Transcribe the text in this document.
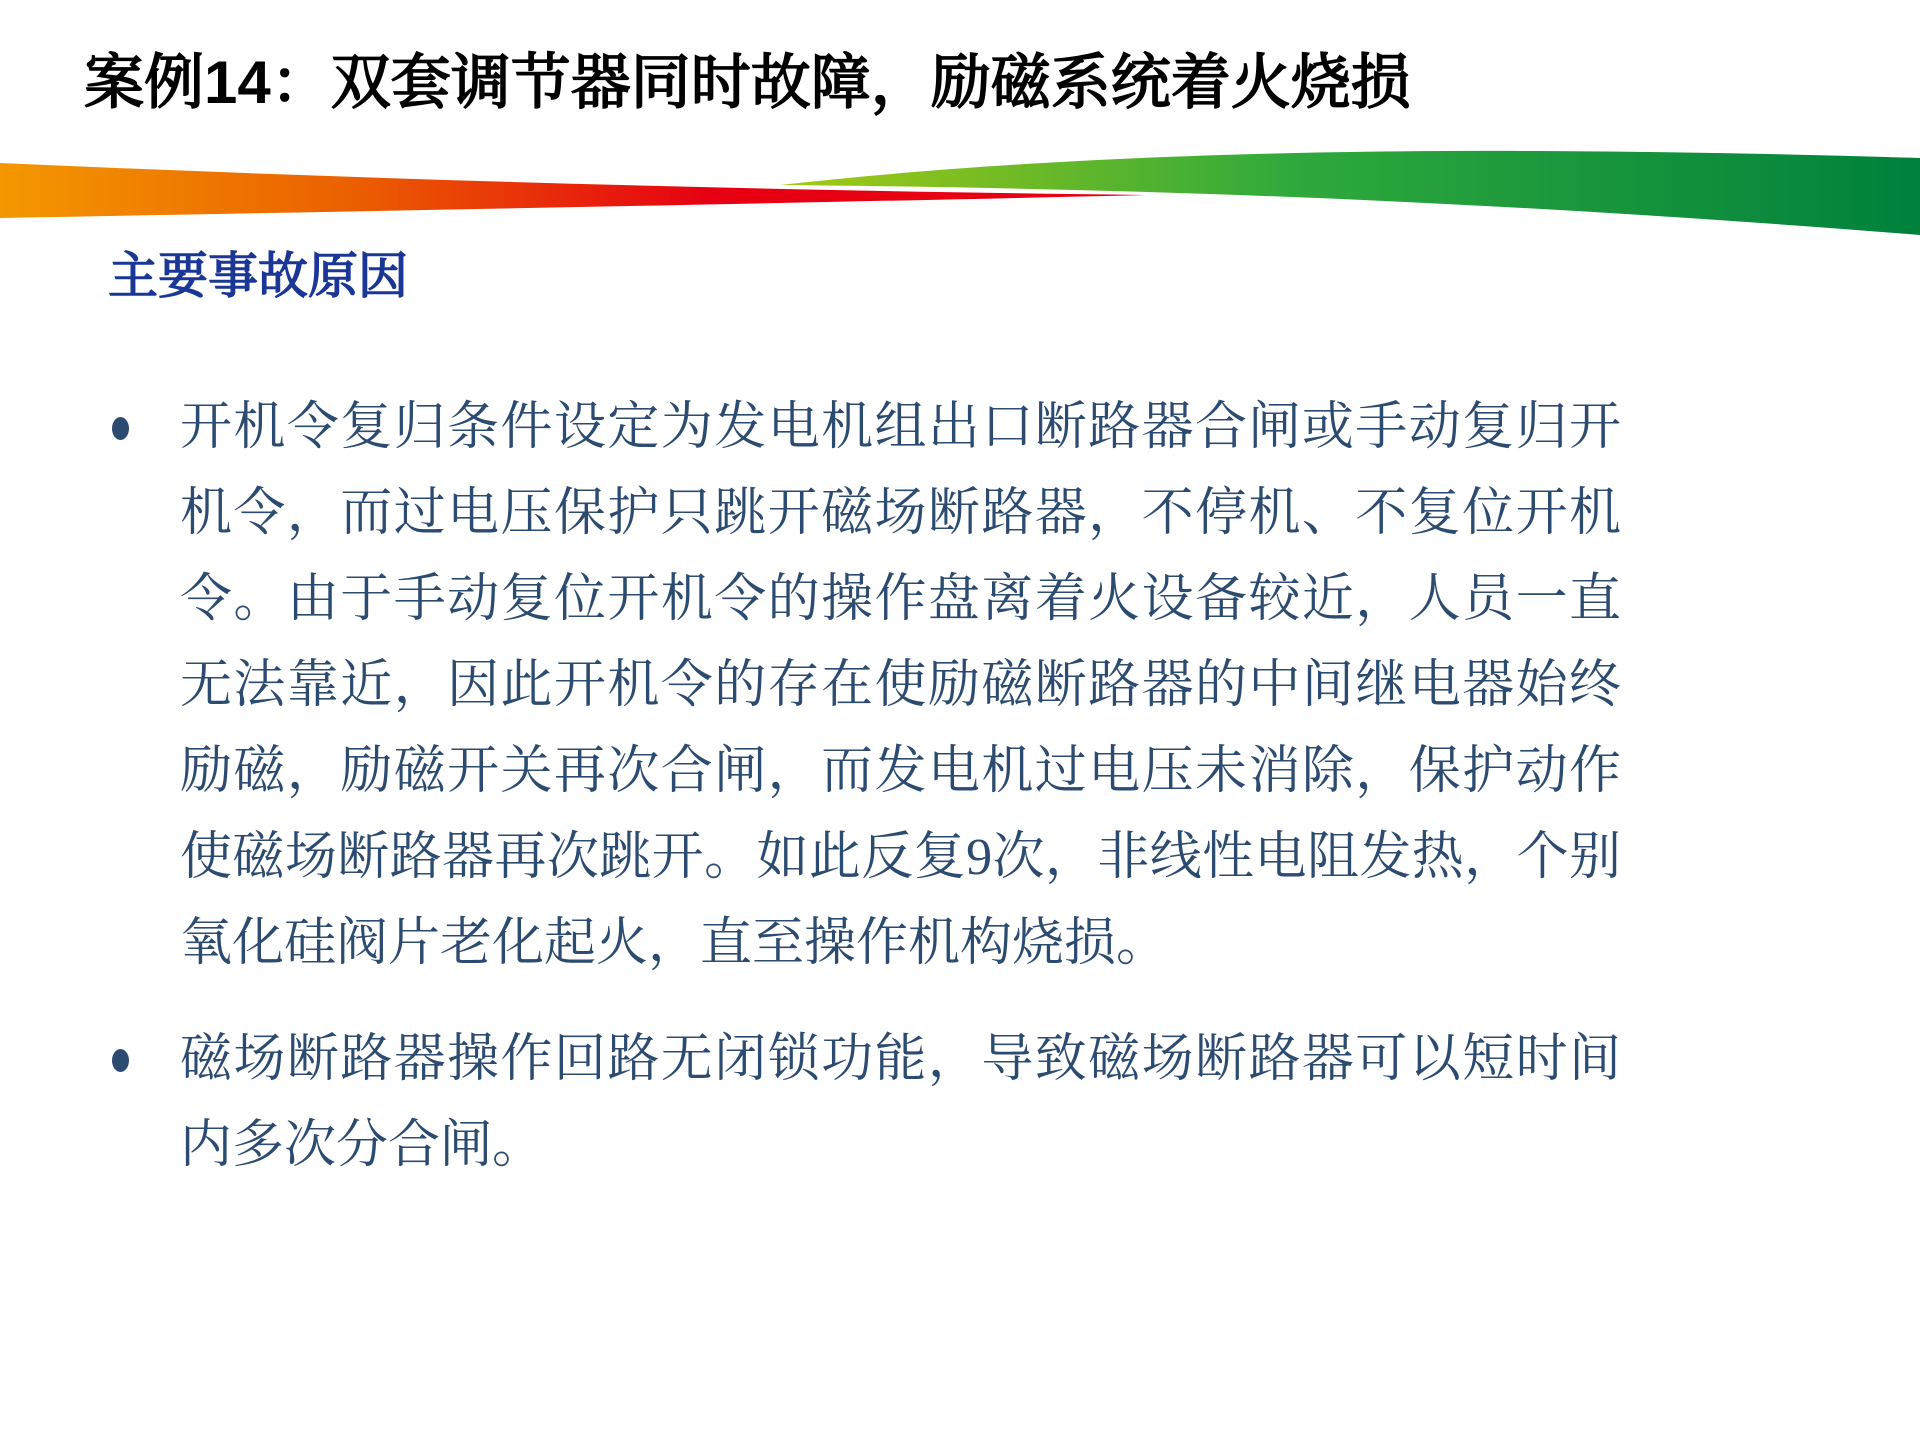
案例14：双套调节器同时故障，励磁系统着火烧损
主要事故原因
开机令复归条件设定为发电机组出口断路器合闸或手动复归开机令，而过电压保护只跳开磁场断路器，不停机、不复位开机令。由于手动复位开机令的操作盘离着火设备较近，人员一直无法靠近，因此开机令的存在使励磁断路器的中间继电器始终励磁，励磁开关再次合闸，而发电机过电压未消除，保护动作使磁场断路器再次跳开。如此反复9次，非线性电阻发热，个别氧化硅阀片老化起火，直至操作机构烧损。
磁场断路器操作回路无闭锁功能，导致磁场断路器可以短时间内多次分合闸。
